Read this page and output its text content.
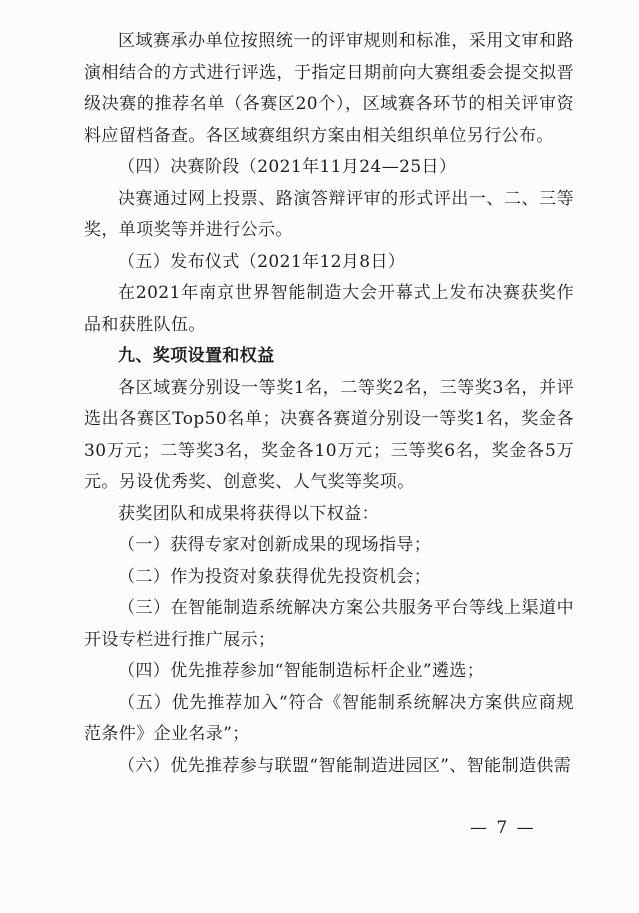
区域赛承办单位按照统一的评审规则和标准，采用文审和路演相结合的方式进行评选，于指定日期前向大赛组委会提交拟晋级决赛的推荐名单（各赛区20个），区域赛各环节的相关评审资料应留档备查。各区域赛组织方案由相关组织单位另行公布。

（四）决赛阶段（2021年11月24—25日）

决赛通过网上投票、路演答辩评审的形式评出一、二、三等奖，单项奖等并进行公示。

（五）发布仪式（2021年12月8日）

在2021年南京世界智能制造大会开幕式上发布决赛获奖作品和获胜队伍。

九、奖项设置和权益

各区域赛分别设一等奖1名，二等奖2名，三等奖3名，并评选出各赛区Top50名单；决赛各赛道分别设一等奖1名，奖金各30万元；二等奖3名，奖金各10万元；三等奖6名，奖金各5万元。另设优秀奖、创意奖、人气奖等奖项。

获奖团队和成果将获得以下权益：

（一）获得专家对创新成果的现场指导；

（二）作为投资对象获得优先投资机会；

（三）在智能制造系统解决方案公共服务平台等线上渠道中开设专栏进行推广展示；

（四）优先推荐参加“智能制造标杆企业”遴选；

（五）优先推荐加入“符合《智能制系统解决方案供应商规范条件》企业名录”；

（六）优先推荐参与联盟“智能制造进园区”、智能制造供需

— 7 —
